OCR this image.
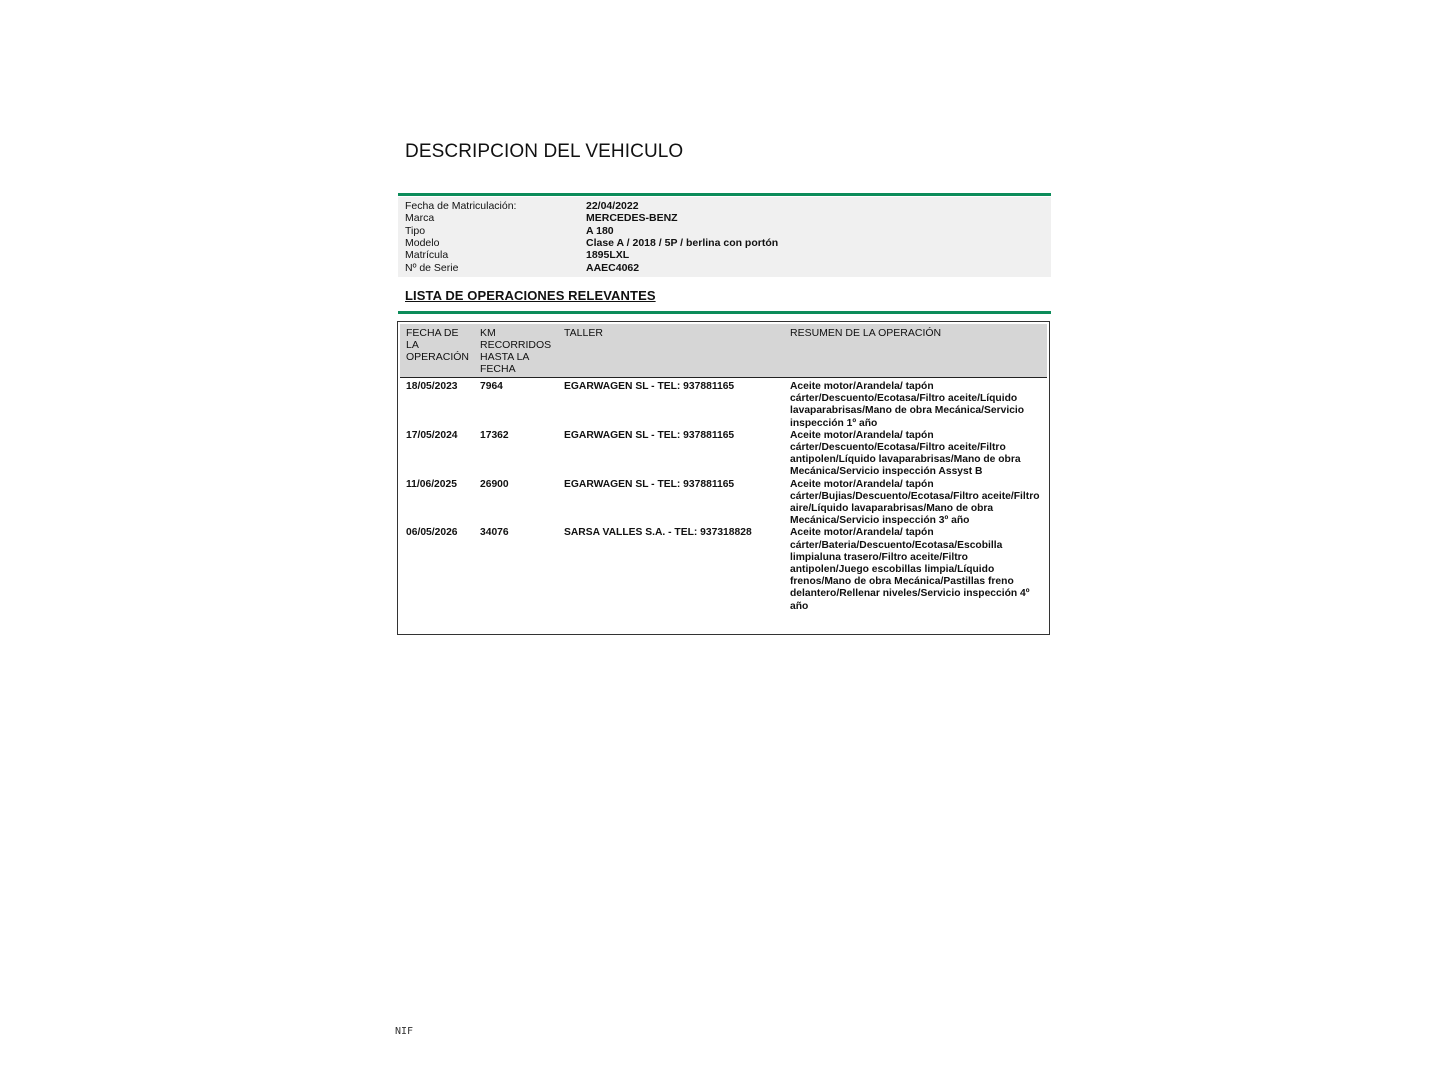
DESCRIPCION DEL VEHICULO
Fecha de Matriculación:	22/04/2022
Marca	MERCEDES-BENZ
Tipo	A 180
Modelo	Clase A / 2018 / 5P / berlina con portón
Matrícula	1895LXL
Nº de Serie	AAEC4062
LISTA DE OPERACIONES RELEVANTES
FECHA DE LA OPERACIÓN	KM RECORRIDOS HASTA LA FECHA	TALLER	RESUMEN DE LA OPERACIÓN
18/05/2023	7964	EGARWAGEN SL - TEL: 937881165	Aceite motor/Arandela/ tapón cárter/Descuento/Ecotasa/Filtro aceite/Líquido lavaparabrisas/Mano de obra Mecánica/Servicio inspección 1º año
17/05/2024	17362	EGARWAGEN SL - TEL: 937881165	Aceite motor/Arandela/ tapón cárter/Descuento/Ecotasa/Filtro aceite/Filtro antipolen/Líquido lavaparabrisas/Mano de obra Mecánica/Servicio inspección Assyst B
11/06/2025	26900	EGARWAGEN SL - TEL: 937881165	Aceite motor/Arandela/ tapón cárter/Bujias/Descuento/Ecotasa/Filtro aceite/Filtro aire/Líquido lavaparabrisas/Mano de obra Mecánica/Servicio inspección 3º año
06/05/2026	34076	SARSA VALLES S.A. - TEL: 937318828	Aceite motor/Arandela/ tapón cárter/Bateria/Descuento/Ecotasa/Escobilla limpialuna trasero/Filtro aceite/Filtro antipolen/Juego escobillas limpia/Líquido frenos/Mano de obra Mecánica/Pastillas freno delantero/Rellenar niveles/Servicio inspección 4º año
NIF
